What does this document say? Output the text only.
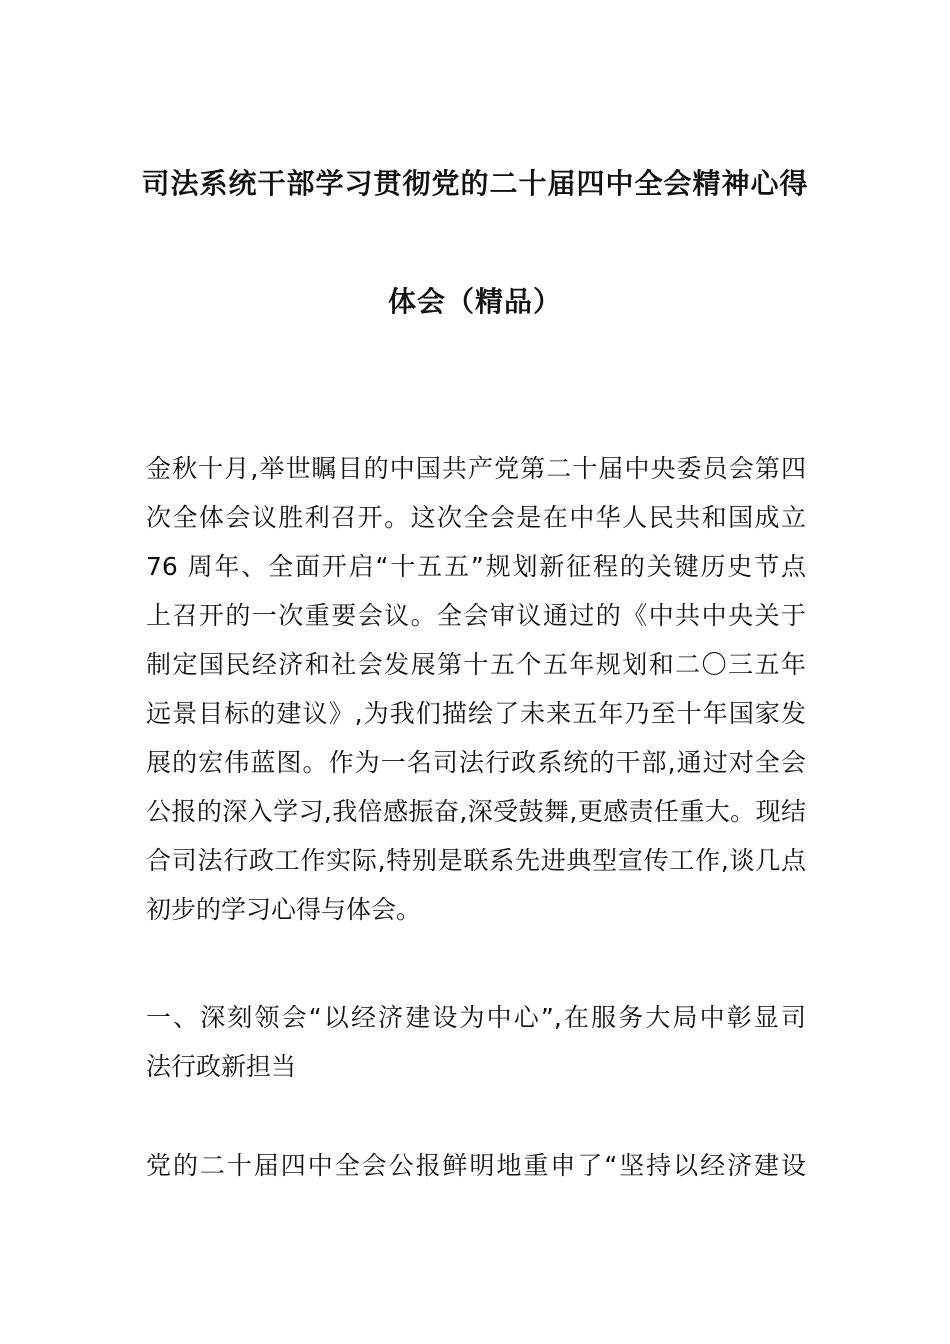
司法系统干部学习贯彻党的二十届四中全会精神心得
体会（精品）
金秋十月,举世瞩目的中国共产党第二十届中央委员会第四
次全体会议胜利召开。这次全会是在中华人民共和国成立
76 周年、全面开启“十五五”规划新征程的关键历史节点
上召开的一次重要会议。全会审议通过的《中共中央关于
制定国民经济和社会发展第十五个五年规划和二〇三五年
远景目标的建议》,为我们描绘了未来五年乃至十年国家发
展的宏伟蓝图。作为一名司法行政系统的干部,通过对全会
公报的深入学习,我倍感振奋,深受鼓舞,更感责任重大。现结
合司法行政工作实际,特别是联系先进典型宣传工作,谈几点
初步的学习心得与体会。
一、深刻领会“以经济建设为中心”,在服务大局中彰显司
法行政新担当
党的二十届四中全会公报鲜明地重申了“坚持以经济建设
